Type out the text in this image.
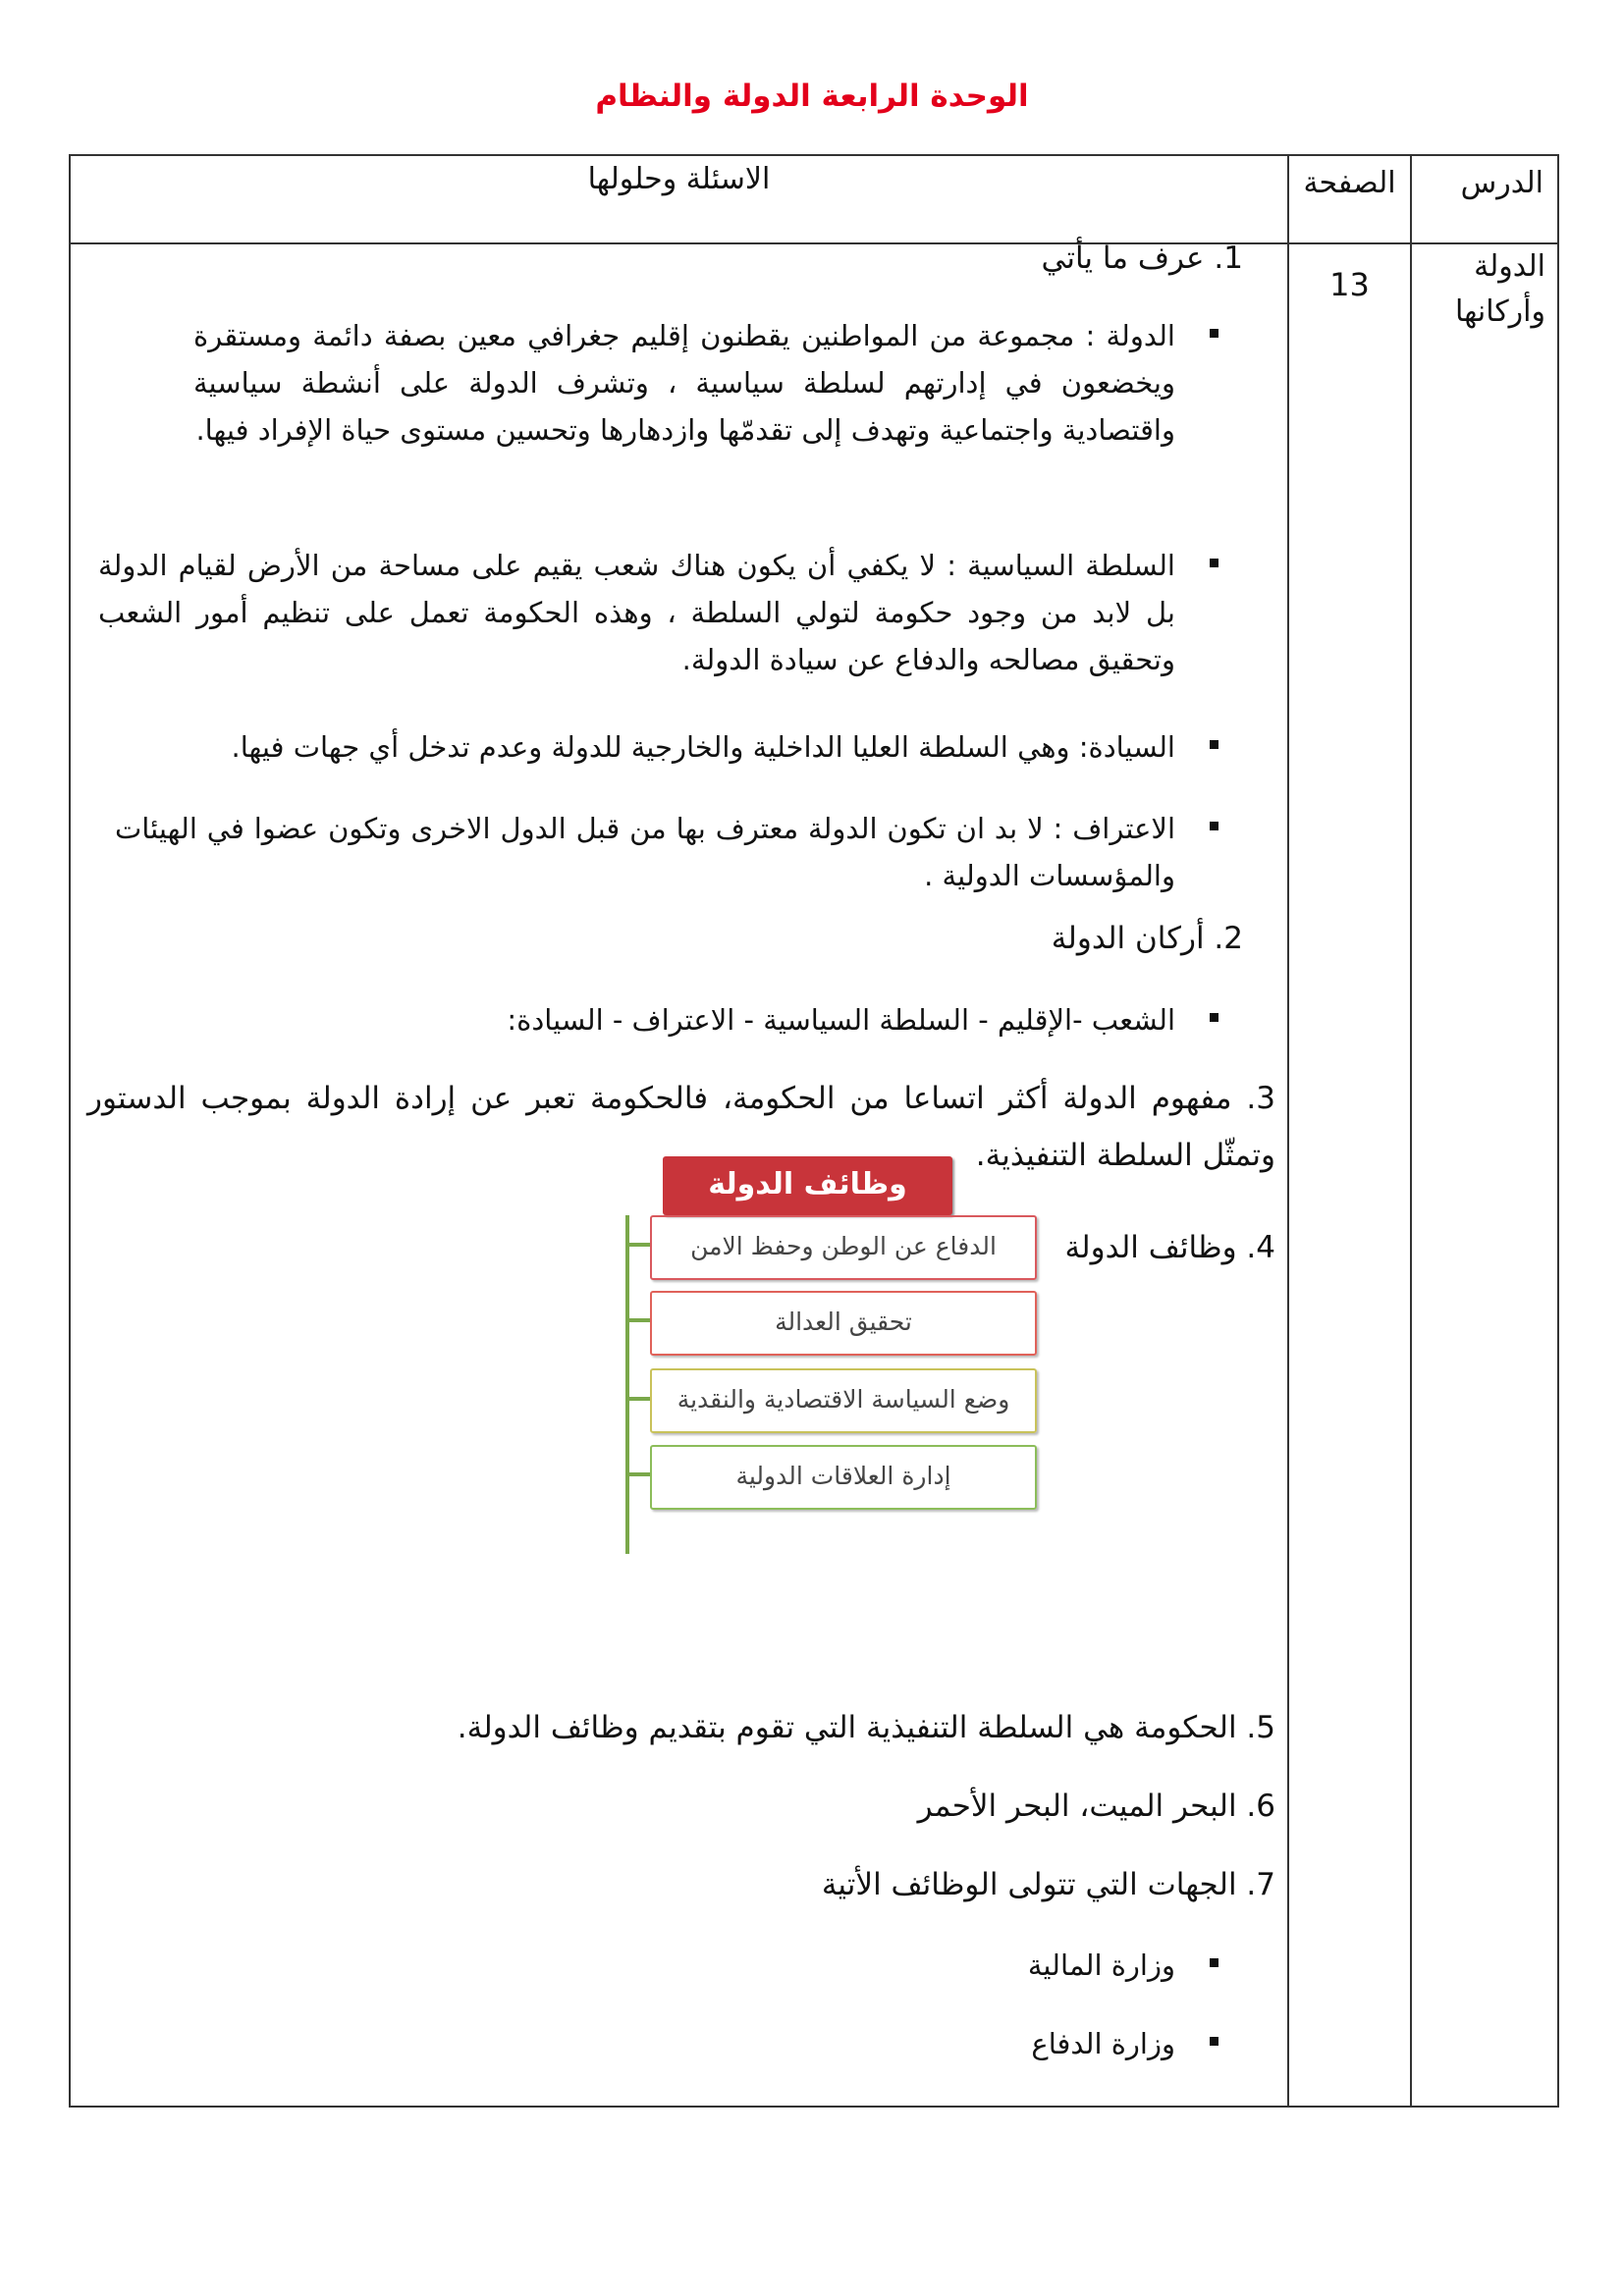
الوحدة الرابعة الدولة والنظام
الدرس	الصفحة	الاسئلة وحلولها
الدولة وأركانها	13	
1. عرف ما يأتي
الدولة : مجموعة من المواطنين يقطنون إقليم جغرافي معين بصفة دائمة ومستقرة ويخضعون في إدارتهم لسلطة سياسية ، وتشرف الدولة على أنشطة سياسية واقتصادية واجتماعية وتهدف إلى تقدمّها وازدهارها وتحسين مستوى حياة الإفراد فيها.
السلطة السياسية : لا يكفي أن يكون هناك شعب يقيم على مساحة من الأرض لقيام الدولة بل لابد من وجود حكومة لتولي السلطة ، وهذه الحكومة تعمل على تنظيم أمور الشعب وتحقيق مصالحه والدفاع عن سيادة الدولة.
السيادة: وهي السلطة العليا الداخلية والخارجية للدولة وعدم تدخل أي جهات فيها.
الاعتراف : لا بد ان تكون الدولة معترف بها من قبل الدول الاخرى وتكون عضوا في الهيئات والمؤسسات الدولية .
2. أركان الدولة
الشعب -الإقليم - السلطة السياسية - الاعتراف - السيادة:
3. مفهوم الدولة أكثر اتساعا من الحكومة، فالحكومة تعبر عن إرادة الدولة بموجب الدستور وتمثّل السلطة التنفيذية.
4. وظائف الدولة
وظائف الدولة
الدفاع عن الوطن وحفظ الامن
تحقيق العدالة
وضع السياسة الاقتصادية والنقدية
إدارة العلاقات الدولية
5. الحكومة هي السلطة التنفيذية التي تقوم بتقديم وظائف الدولة.
6. البحر الميت، البحر الأحمر
7. الجهات التي تتولى الوظائف الأتية
وزارة المالية
وزارة الدفاع
